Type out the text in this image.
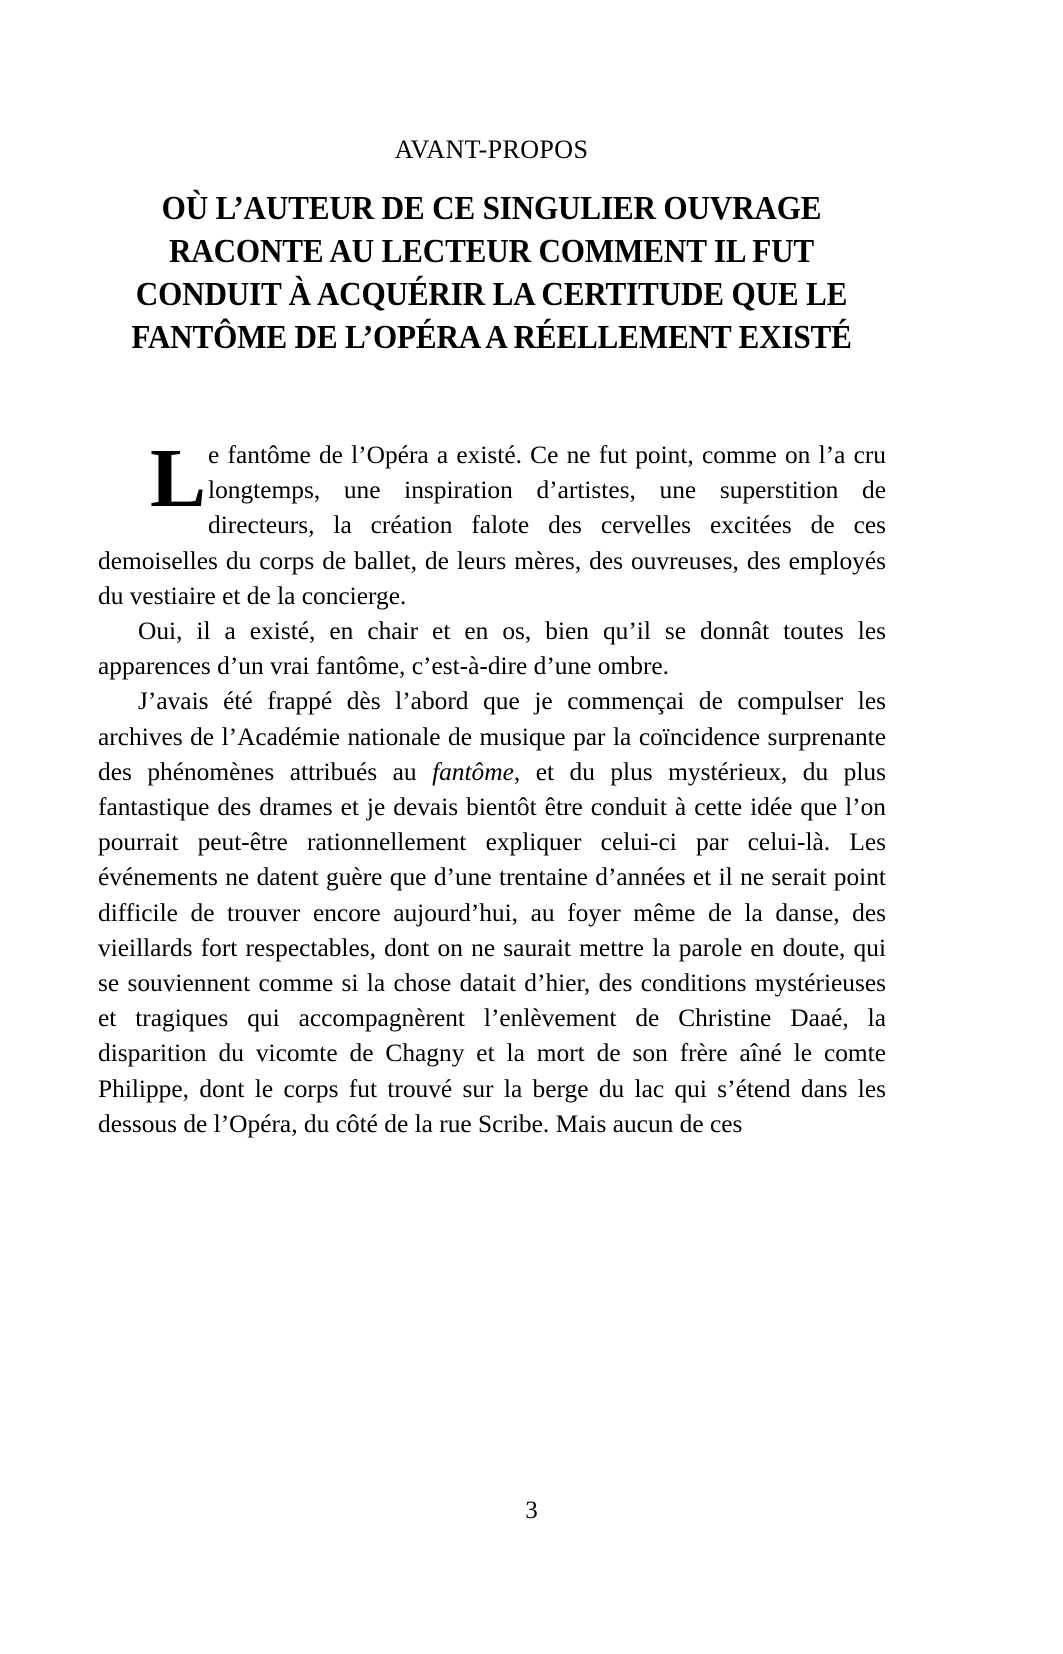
AVANT-PROPOS
OÙ L’AUTEUR DE CE SINGULIER OUVRAGE
RACONTE AU LECTEUR COMMENT IL FUT
CONDUIT À ACQUÉRIR LA CERTITUDE QUE LE
FANTÔME DE L’OPÉRA A RÉELLEMENT EXISTÉ

Le fantôme de l’Opéra a existé. Ce ne fut point, comme on l’a cru longtemps, une inspiration d’artistes, une superstition de directeurs, la création falote des cervelles excitées de ces demoiselles du corps de ballet, de leurs mères, des ouvreuses, des employés du vestiaire et de la concierge.

Oui, il a existé, en chair et en os, bien qu’il se donnât toutes les apparences d’un vrai fantôme, c’est-à-dire d’une ombre.

J’avais été frappé dès l’abord que je commençai de compulser les archives de l’Académie nationale de musique par la coïncidence surprenante des phénomènes attribués au fantôme, et du plus mystérieux, du plus fantastique des drames et je devais bientôt être conduit à cette idée que l’on pourrait peut-être rationnellement expliquer celui-ci par celui-là. Les événements ne datent guère que d’une trentaine d’années et il ne serait point difficile de trouver encore aujourd’hui, au foyer même de la danse, des vieillards fort respectables, dont on ne saurait mettre la parole en doute, qui se souviennent comme si la chose datait d’hier, des conditions mystérieuses et tragiques qui accompagnèrent l’enlèvement de Christine Daaé, la disparition du vicomte de Chagny et la mort de son frère aîné le comte Philippe, dont le corps fut trouvé sur la berge du lac qui s’étend dans les dessous de l’Opéra, du côté de la rue Scribe. Mais aucun de ces

3
